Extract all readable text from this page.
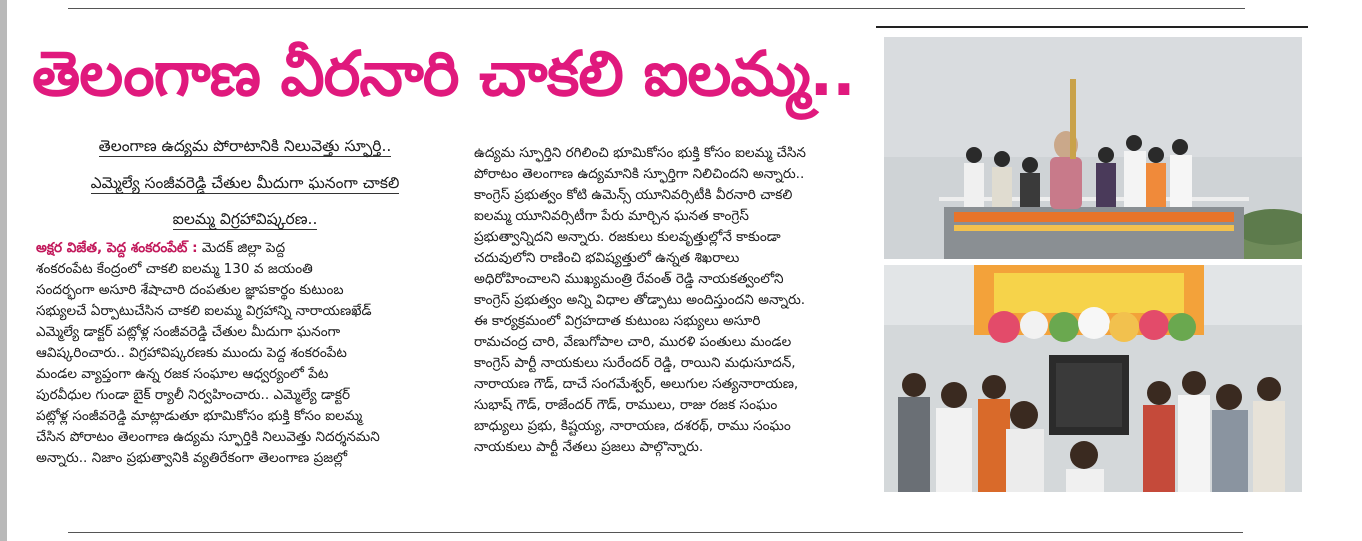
తెలంగాణ వీరనారి చాకలి ఐలమ్మ..
తెలంగాణ ఉద్యమ పోరాటానికి నిలువెత్తు స్ఫూర్తి..
ఎమ్మెల్యే సంజీవరెడ్డి చేతుల మీదుగా ఘనంగా చాకలి
ఐలమ్మ విగ్రహావిష్కరణ..
అక్షర విజేత, పెద్ద శంకరంపేట్ : మెదక్ జిల్లా పెద్ద
శంకరంపేట కేంద్రంలో చాకలి ఐలమ్మ 130 వ జయంతి
సందర్భంగా అసూరి శేషాచారి దంపతుల జ్ఞాపకార్థం కుటుంబ
సభ్యులచే ఏర్పాటుచేసిన చాకలి ఐలమ్మ విగ్రహాన్ని నారాయణఖేడ్
ఎమ్మెల్యే డాక్టర్ పట్లోళ్ల సంజీవరెడ్డి చేతుల మీదుగా ఘనంగా
ఆవిష్కరించారు.. విగ్రహావిష్కరణకు ముందు పెద్ద శంకరంపేట
మండల వ్యాప్తంగా ఉన్న రజక సంఘాల ఆధ్వర్యంలో పేట
పురవీధుల గుండా బైక్ ర్యాలీ నిర్వహించారు.. ఎమ్మెల్యే డాక్టర్
పట్లోళ్ల సంజీవరెడ్డి మాట్లాడుతూ భూమికోసం భుక్తి కోసం ఐలమ్మ
చేసిన పోరాటం తెలంగాణ ఉద్యమ స్ఫూర్తికి నిలువెత్తు నిదర్శనమని
అన్నారు.. నిజాం ప్రభుత్వానికి వ్యతిరేకంగా తెలంగాణ ప్రజల్లో
ఉద్యమ స్ఫూర్తిని రగిలించి భూమికోసం భుక్తి కోసం ఐలమ్మ చేసిన
పోరాటం తెలంగాణ ఉద్యమానికి స్ఫూర్తిగా నిలిచిందని అన్నారు..
కాంగ్రెస్ ప్రభుత్వం కోటి ఉమెన్స్ యూనివర్సిటీకి వీరనారి చాకలి
ఐలమ్మ యూనివర్సిటీగా పేరు మార్చిన ఘనత కాంగ్రెస్
ప్రభుత్వాన్నిదని అన్నారు. రజకులు కులవృత్తుల్లోనే కాకుండా
చదువులోని రాణించి భవిష్యత్తులో ఉన్నత శిఖరాలు
అధిరోహించాలని ముఖ్యమంత్రి రేవంత్ రెడ్డి నాయకత్వంలోని
కాంగ్రెస్ ప్రభుత్వం అన్ని విధాల తోడ్పాటు అందిస్తుందని అన్నారు.
ఈ కార్యక్రమంలో విగ్రహదాత కుటుంబ సభ్యులు అసూరి
రామచంద్ర చారి, వేణుగోపాల చారి, మురళి పంతులు మండల
కాంగ్రెస్ పార్టీ నాయకులు సురేందర్ రెడ్డి, రాయిని మధుసూదన్,
నారాయణ గౌడ్, దాచే సంగమేశ్వర్, అలుగుల సత్యనారాయణ,
సుభాష్ గౌడ్, రాజేందర్ గౌడ్, రాములు, రాజు రజక సంఘం
బాధ్యులు ప్రభు, కిష్టయ్య, నారాయణ, దశరథ్, రాము సంఘం
నాయకులు పార్టీ నేతలు ప్రజలు పాల్గొన్నారు.
